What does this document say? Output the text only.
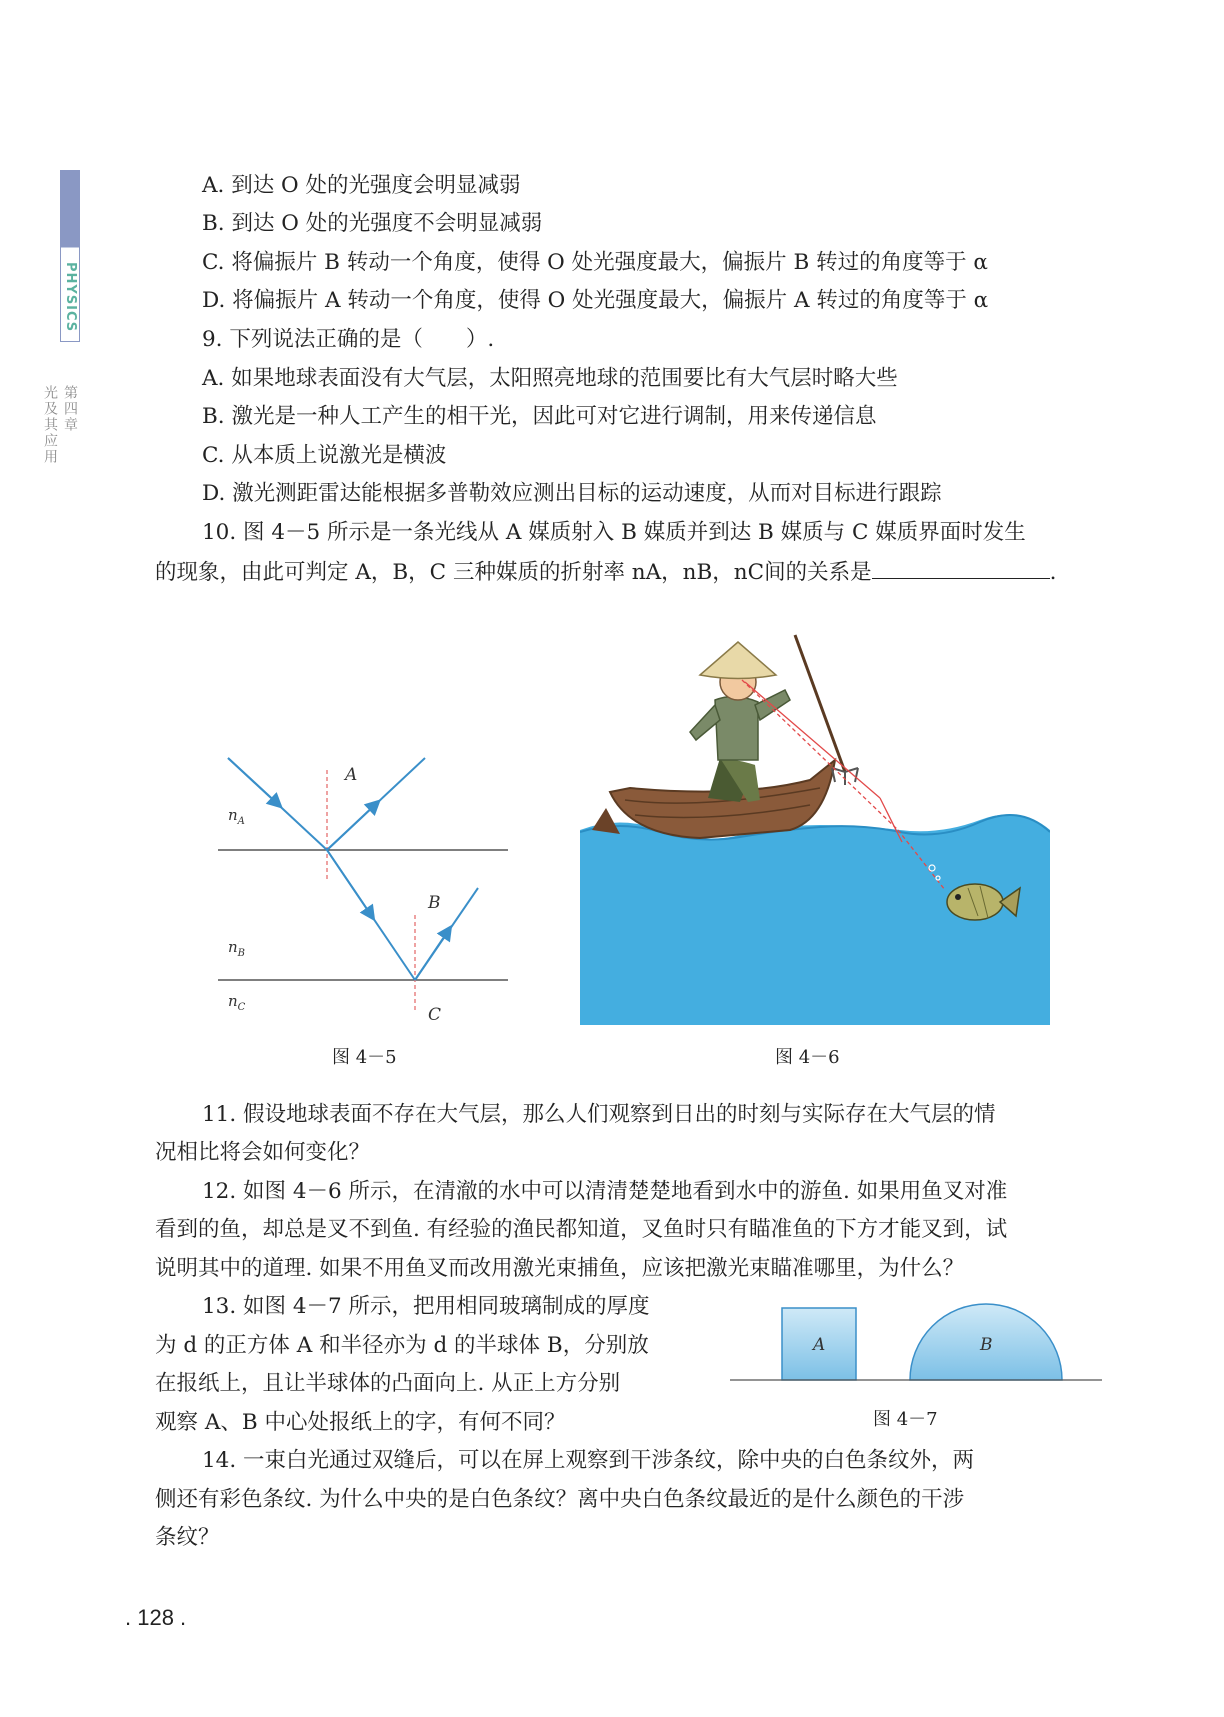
PHYSICS
第四章
光及其应用
A. 到达 O 处的光强度会明显减弱
B. 到达 O 处的光强度不会明显减弱
C. 将偏振片 B 转动一个角度，使得 O 处光强度最大，偏振片 B 转过的角度等于 α
D. 将偏振片 A 转动一个角度，使得 O 处光强度最大，偏振片 A 转过的角度等于 α
9. 下列说法正确的是（　　）.
A. 如果地球表面没有大气层，太阳照亮地球的范围要比有大气层时略大些
B. 激光是一种人工产生的相干光，因此可对它进行调制，用来传递信息
C. 从本质上说激光是横波
D. 激光测距雷达能根据多普勒效应测出目标的运动速度，从而对目标进行跟踪
10. 图 4－5 所示是一条光线从 A 媒质射入 B 媒质并到达 B 媒质与 C 媒质界面时发生
的现象，由此可判定 A，B，C 三种媒质的折射率 nA，nB，nC间的关系是	.
A
B
C
$n_A$
$n_B$
$n_C$
图 4－5	图 4－6
11. 假设地球表面不存在大气层，那么人们观察到日出的时刻与实际存在大气层的情
况相比将会如何变化？
12. 如图 4－6 所示，在清澈的水中可以清清楚楚地看到水中的游鱼. 如果用鱼叉对准
看到的鱼，却总是叉不到鱼. 有经验的渔民都知道，叉鱼时只有瞄准鱼的下方才能叉到，试
说明其中的道理. 如果不用鱼叉而改用激光束捕鱼，应该把激光束瞄准哪里，为什么？
13. 如图 4－7 所示，把用相同玻璃制成的厚度
为 d 的正方体 A 和半径亦为 d 的半球体 B，分别放
在报纸上，且让半球体的凸面向上. 从正上方分别
观察 A、B 中心处报纸上的字，有何不同？
A	B
图 4－7
14. 一束白光通过双缝后，可以在屏上观察到干涉条纹，除中央的白色条纹外，两
侧还有彩色条纹. 为什么中央的是白色条纹？离中央白色条纹最近的是什么颜色的干涉
条纹？
. 128 .
